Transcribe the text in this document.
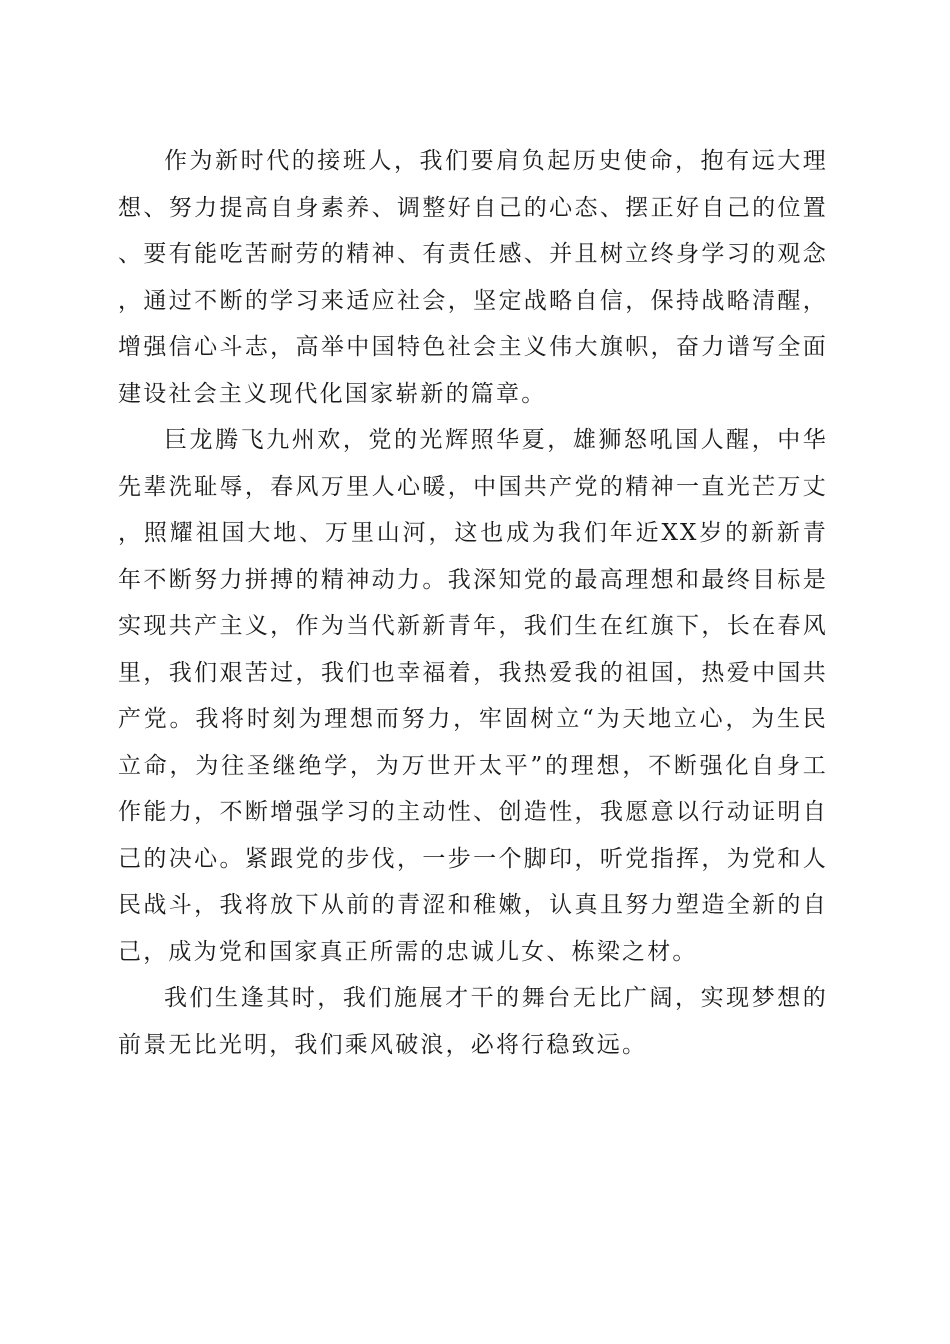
作为新时代的接班人，我们要肩负起历史使命，抱有远大理想、努力提高自身素养、调整好自己的心态、摆正好自己的位置、要有能吃苦耐劳的精神、有责任感、并且树立终身学习的观念，通过不断的学习来适应社会，坚定战略自信，保持战略清醒，增强信心斗志，高举中国特色社会主义伟大旗帜，奋力谱写全面建设社会主义现代化国家崭新的篇章。

巨龙腾飞九州欢，党的光辉照华夏，雄狮怒吼国人醒，中华先辈洗耻辱，春风万里人心暖，中国共产党的精神一直光芒万丈，照耀祖国大地、万里山河，这也成为我们年近XX岁的新新青年不断努力拼搏的精神动力。我深知党的最高理想和最终目标是实现共产主义，作为当代新新青年，我们生在红旗下，长在春风里，我们艰苦过，我们也幸福着，我热爱我的祖国，热爱中国共产党。我将时刻为理想而努力，牢固树立“为天地立心，为生民立命，为往圣继绝学，为万世开太平”的理想，不断强化自身工作能力，不断增强学习的主动性、创造性，我愿意以行动证明自己的决心。紧跟党的步伐，一步一个脚印，听党指挥，为党和人民战斗，我将放下从前的青涩和稚嫩，认真且努力塑造全新的自己，成为党和国家真正所需的忠诚儿女、栋梁之材。

我们生逢其时，我们施展才干的舞台无比广阔，实现梦想的前景无比光明，我们乘风破浪，必将行稳致远。
